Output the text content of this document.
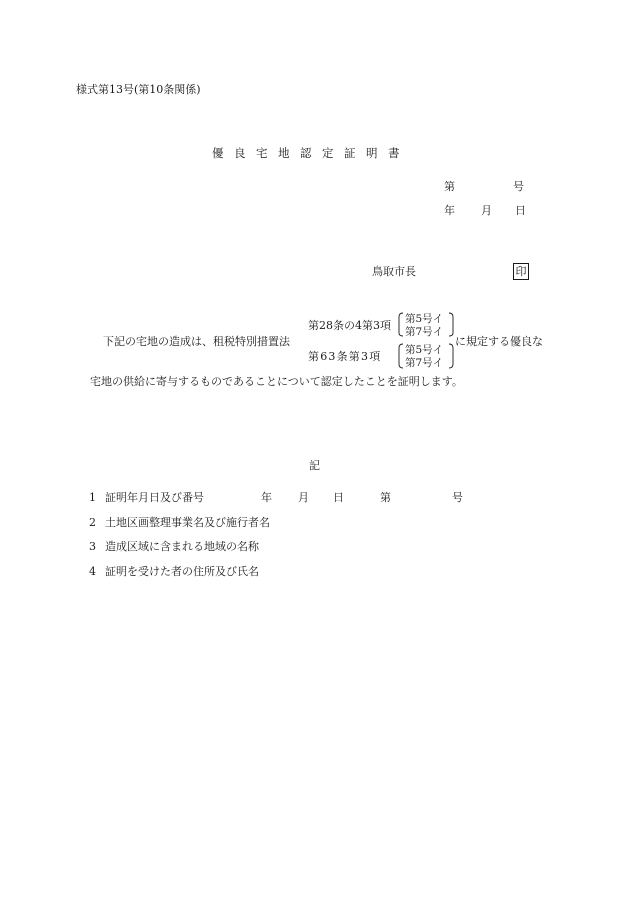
様式第13号(第10条関係)
優良宅地認定証明書
第	号
年 月 日
鳥取市長	印
下記の宅地の造成は、租税特別措置法
第28条の4第3項
第63条第3項
第5号イ
第7号イ
第5号イ
第7号イ
に規定する優良な
宅地の供給に寄与するものであることについて認定したことを証明します。
記
1 証明年月日及び番号	年 月 日	第	号
2 土地区画整理事業名及び施行者名
3 造成区域に含まれる地域の名称
4 証明を受けた者の住所及び氏名
